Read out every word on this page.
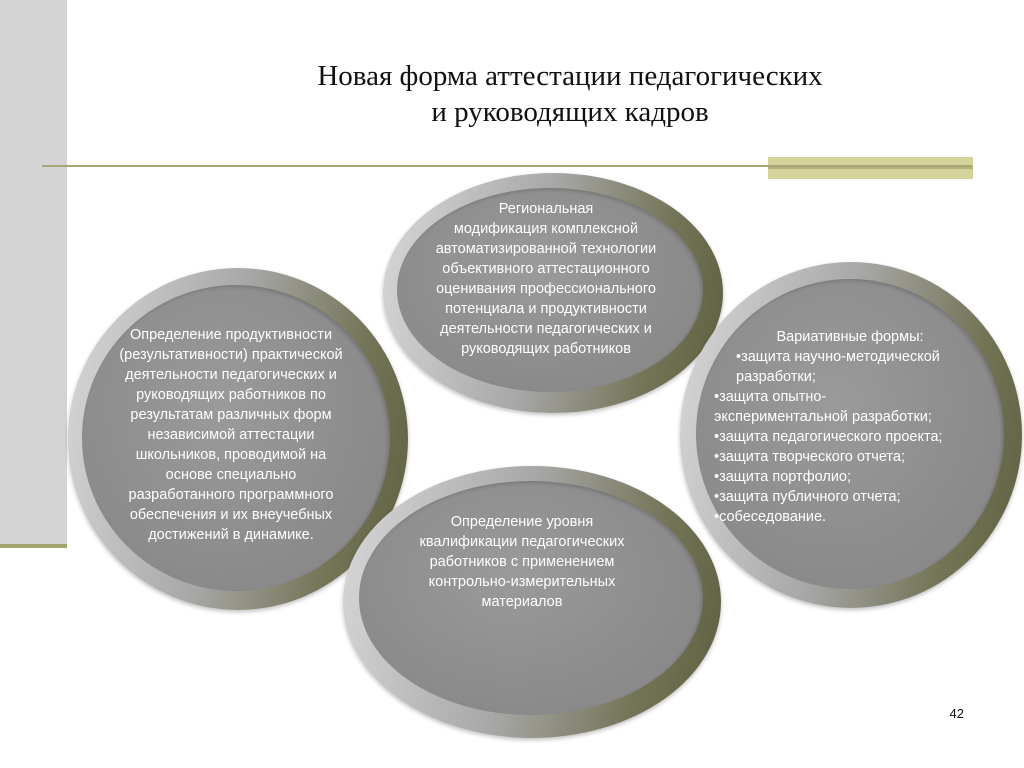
Новая форма аттестации педагогических
и руководящих кадров
Региональная
модификация комплексной
автоматизированной технологии
объективного аттестационного
оценивания профессионального
потенциала и продуктивности
деятельности педагогических и
руководящих работников
Определение продуктивности
(результативности) практической
деятельности педагогических и
руководящих работников по
результатам различных форм
независимой аттестации
школьников, проводимой на
основе специально
разработанного программного
обеспечения и их внеучебных
достижений в динамике.
Вариативные формы:
•защита научно-методической
разработки;
•защита опытно-
экспериментальной разработки;
•защита педагогического проекта;
•защита творческого отчета;
•защита портфолио;
•защита публичного отчета;
•собеседование.
Определение уровня
квалификации педагогических
работников с применением
контрольно-измерительных
материалов
42
